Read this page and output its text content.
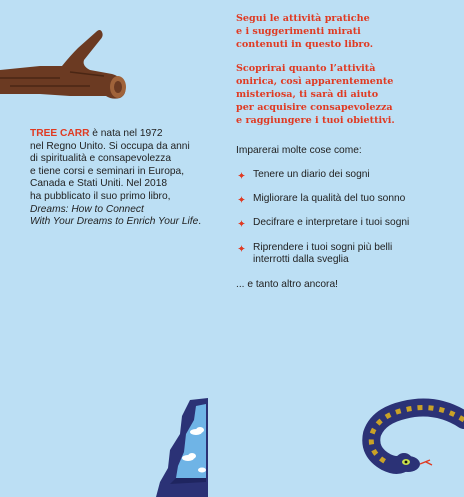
TREE CARR è nata nel 1972
nel Regno Unito. Si occupa da anni
di spiritualità e consapevolezza
e tiene corsi e seminari in Europa,
Canada e Stati Uniti. Nel 2018
ha pubblicato il suo primo libro,
Dreams: How to Connect
With Your Dreams to Enrich Your Life.
Segui le attività pratiche
e i suggerimenti mirati
contenuti in questo libro.
Scoprirai quanto l’attività
onirica, così apparentemente
misteriosa, ti sarà di aiuto
per acquisire consapevolezza
e raggiungere i tuoi obiettivi.
Imparerai molte cose come:
Tenere un diario dei sogni
Migliorare la qualità del tuo sonno
Decifrare e interpretare i tuoi sogni
Riprendere i tuoi sogni più belli
interrotti dalla sveglia
... e tanto altro ancora!
